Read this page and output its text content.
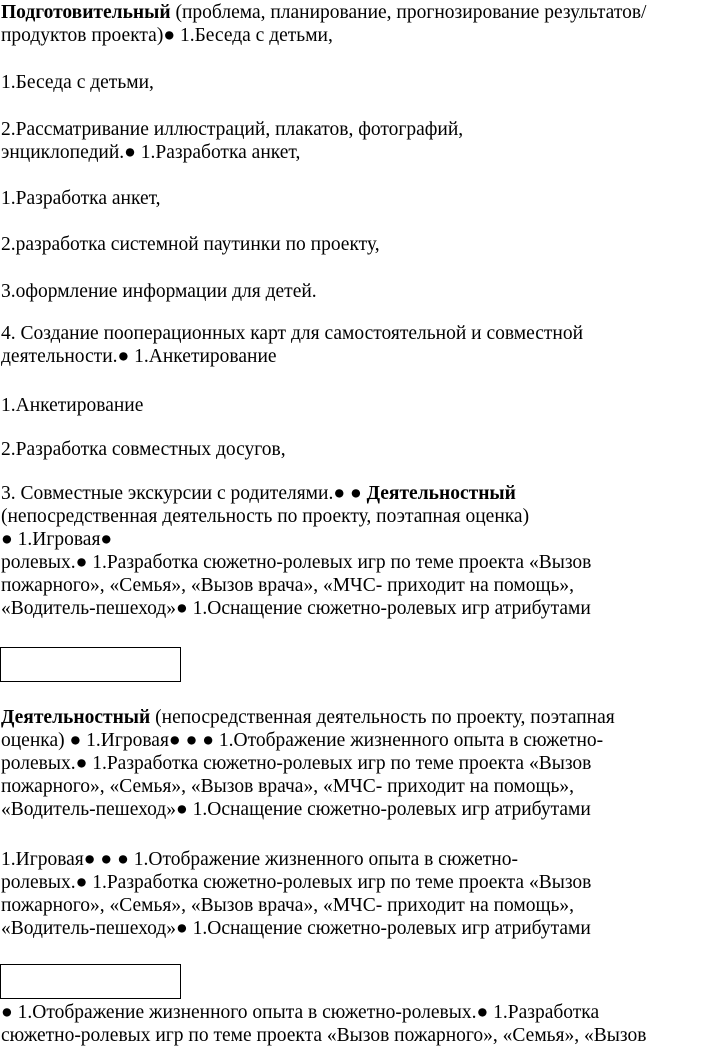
Подготовительный (проблема, планирование, прогнозирование результатов/
продуктов проекта)● 1.Беседа с детьми,
1.Беседа с детьми,
2.Рассматривание иллюстраций, плакатов, фотографий,
энциклопедий.● 1.Разработка анкет,
1.Разработка анкет,
2.разработка системной паутинки по проекту,
3.оформление информации для детей.
4. Создание пооперационных карт для самостоятельной и совместной
деятельности.● 1.Анкетирование
1.Анкетирование
2.Разработка совместных досугов,
3. Совместные экскурсии с родителями.● ● Деятельностный
(непосредственная деятельность по проекту, поэтапная оценка)
● 1.Игровая●
ролевых.● 1.Разработка сюжетно-ролевых игр по теме проекта «Вызов
пожарного», «Семья», «Вызов врача», «МЧС- приходит на помощь»,
«Водитель-пешеход»● 1.Оснащение сюжетно-ролевых игр атрибутами
Деятельностный (непосредственная деятельность по проекту, поэтапная
оценка) ● 1.Игровая● ● ● 1.Отображение жизненного опыта в сюжетно-
ролевых.● 1.Разработка сюжетно-ролевых игр по теме проекта «Вызов
пожарного», «Семья», «Вызов врача», «МЧС- приходит на помощь»,
«Водитель-пешеход»● 1.Оснащение сюжетно-ролевых игр атрибутами
1.Игровая● ● ● 1.Отображение жизненного опыта в сюжетно-
ролевых.● 1.Разработка сюжетно-ролевых игр по теме проекта «Вызов
пожарного», «Семья», «Вызов врача», «МЧС- приходит на помощь»,
«Водитель-пешеход»● 1.Оснащение сюжетно-ролевых игр атрибутами
● 1.Отображение жизненного опыта в сюжетно-ролевых.● 1.Разработка
сюжетно-ролевых игр по теме проекта «Вызов пожарного», «Семья», «Вызов
